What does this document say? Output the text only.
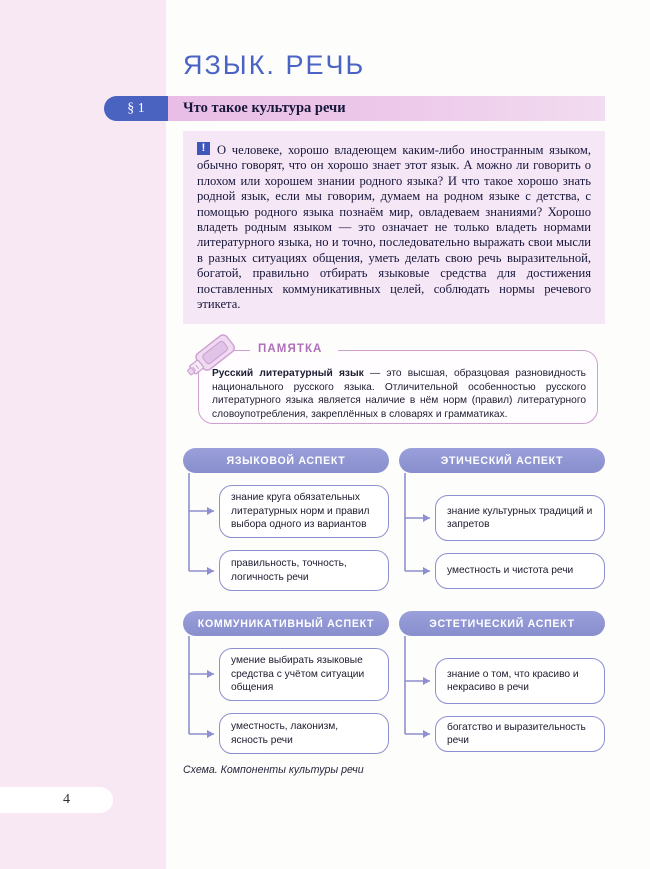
4
ЯЗЫК. РЕЧЬ
§ 1	Что такое культура речи

!О человеке, хорошо владеющем каким-либо иностранным языком, обычно говорят, что он хорошо знает этот язык. А можно ли говорить о плохом или хорошем знании родного языка? И что такое хорошо знать родной язык, если мы говорим, думаем на родном языке с детства, с помощью родного языка познаём мир, овладеваем знаниями? Хорошо владеть родным языком — это означает не только владеть нормами литературного языка, но и точно, последовательно выражать свои мысли в разных ситуациях общения, уметь делать свою речь выразительной, богатой, правильно отбирать языковые средства для достижения поставленных коммуникативных целей, соблюдать нормы речевого этикета.

ПАМЯТКА

Русский литературный язык — это высшая, образцовая разновидность национального русского языка. Отличительной особенностью русского литературного языка является наличие в нём норм (правил) литературного словоупотребления, закреплённых в словарях и грамматиках.

ЯЗЫКОВОЙ АСПЕКТ
знание круга обязательных литературных норм и правил выбора одного из вариантов
правильность, точность, логичность речи
ЭТИЧЕСКИЙ АСПЕКТ
знание культурных традиций и запретов
уместность и чистота речи
КОММУНИКАТИВНЫЙ АСПЕКТ
умение выбирать языковые средства с учётом ситуации общения
уместность, лаконизм, ясность речи
ЭСТЕТИЧЕСКИЙ АСПЕКТ
знание о том, что красиво и некрасиво в речи
богатство и выразительность речи
Схема. Компоненты культуры речи
